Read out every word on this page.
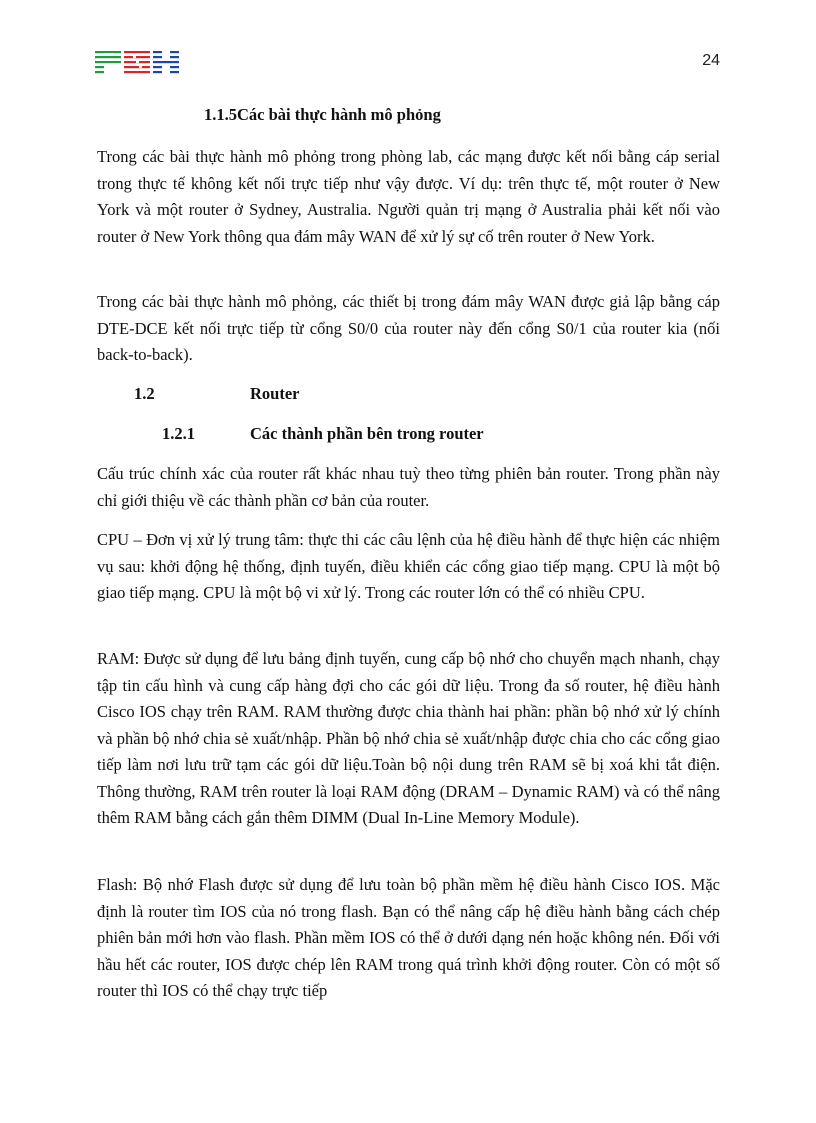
24
1.1.5Các bài thực hành mô phỏng
Trong các bài thực hành mô phỏng trong phòng lab, các mạng được kết nối bằng cáp serial trong thực tế không kết nối trực tiếp như vậy được. Ví dụ: trên thực tế, một router ở New York và một router ở Sydney, Australia. Người quản trị mạng ở Australia phải kết nối vào router ở New York thông qua đám mây WAN để xử lý sự cố trên router ở New York.
Trong các bài thực hành mô phỏng, các thiết bị trong đám mây WAN được giả lập bằng cáp DTE-DCE kết nối trực tiếp từ cổng S0/0 của router này đến cổng S0/1 của router kia (nối back-to-back).
1.2	Router
1.2.1	Các thành phần bên trong router
Cấu trúc chính xác của router rất khác nhau tuỳ theo từng phiên bản router. Trong phần này chỉ giới thiệu về các thành phần cơ bản của router.
CPU – Đơn vị xử lý trung tâm: thực thi các câu lệnh của hệ điều hành để thực hiện các nhiệm vụ sau: khởi động hệ thống, định tuyến, điều khiển các cổng giao tiếp mạng. CPU là một bộ giao tiếp mạng. CPU là một bộ vi xử lý. Trong các router lớn có thể có nhiều CPU.
RAM: Được sử dụng để lưu bảng định tuyến, cung cấp bộ nhớ cho chuyển mạch nhanh, chạy tập tin cấu hình và cung cấp hàng đợi cho các gói dữ liệu. Trong đa số router, hệ điều hành Cisco IOS chạy trên RAM. RAM thường được chia thành hai phần: phần bộ nhớ xử lý chính và phần bộ nhớ chia sẻ xuất/nhập. Phần bộ nhớ chia sẻ xuất/nhập được chia cho các cổng giao tiếp làm nơi lưu trữ tạm các gói dữ liệu.Toàn bộ nội dung trên RAM sẽ bị xoá khi tắt điện. Thông thường, RAM trên router là loại RAM động (DRAM – Dynamic RAM) và có thể nâng thêm RAM bằng cách gắn thêm DIMM (Dual In-Line Memory Module).
Flash: Bộ nhớ Flash được sử dụng để lưu toàn bộ phần mềm hệ điều hành Cisco IOS. Mặc định là router tìm IOS của nó trong flash. Bạn có thể nâng cấp hệ điều hành bằng cách chép phiên bản mới hơn vào flash. Phần mềm IOS có thể ở dưới dạng nén hoặc không nén. Đối với hầu hết các router, IOS được chép lên RAM trong quá trình khởi động router. Còn có một số router thì IOS có thể chạy trực tiếp
